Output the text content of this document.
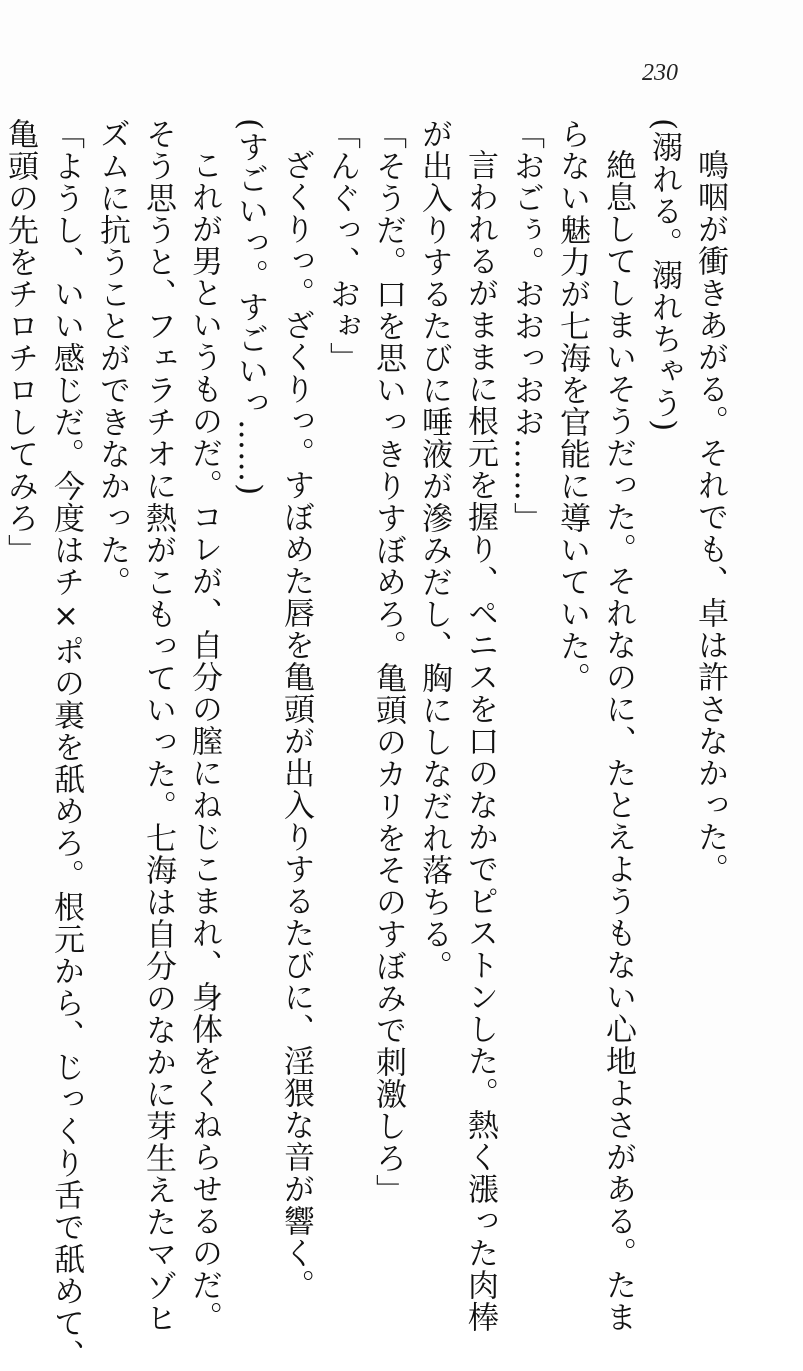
230
鳴咽が衝きあがる。それでも、卓は許さなかった。
(溺れる。溺れちゃう)
絶息してしまいそうだった。それなのに、たとえようもない心地よさがある。たま
らない魅力が七海を官能に導いていた。
「おごぅ。おおっおお……」
言われるがままに根元を握り、ペニスを口のなかでピストンした。熱く漲った肉棒
が出入りするたびに唾液が滲みだし、胸にしなだれ落ちる。
「そうだ。口を思いっきりすぼめろ。亀頭のカリをそのすぼみで刺激しろ」
「んぐっ、おぉ」
ざくりっ。ざくりっ。すぼめた唇を亀頭が出入りするたびに、淫猥な音が響く。
(すごいっ。すごいっ……)
これが男というものだ。コレが、自分の膣にねじこまれ、身体をくねらせるのだ。
そう思うと、フェラチオに熱がこもっていった。七海は自分のなかに芽生えたマゾヒ
ズムに抗うことができなかった。
「ようし、いい感じだ。今度はチ×ポの裏を舐めろ。根元から、じっくり舌で舐めて、
亀頭の先をチロチロしてみろ」
